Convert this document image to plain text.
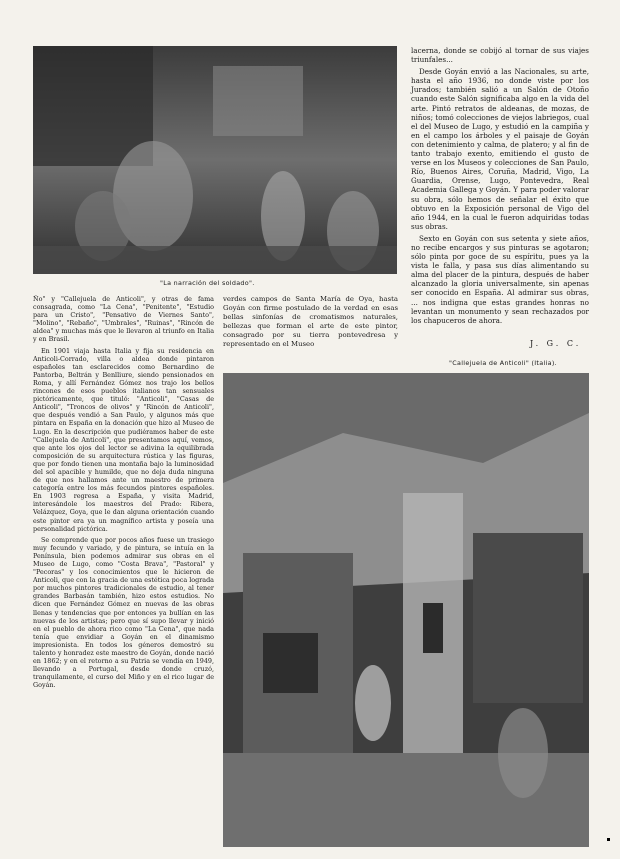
"La narración del soldado".

lacerna, donde se cobijó al tornar de sus viajes triunfales...

Desde Goyán envió a las Nacionales, su arte, hasta el año 1936, no donde viste por los Jurados; también salió a un Salón de Otoño cuando este Salón significaba algo en la vida del arte. Pintó retratos de aldeanas, de mozas, de niños; tomó colecciones de viejos labriegos, cual el del Museo de Lugo, y estudió en la campiña y en el campo los árboles y el paisaje de Goyán con detenimiento y calma, de platero; y al fin de tanto trabajo exento, emitiendo el gusto de verse en los Museos y colecciones de San Paulo, Río, Buenos Aires, Coruña, Madrid, Vigo, La Guardia, Orense, Lugo, Pontevedra, Real Academia Gallega y Goyán. Y para poder valorar su obra, sólo hemos de señalar el éxito que obtuvo en la Exposición personal de Vigo del año 1944, en la cual le fueron adquiridas todas sus obras.

Sexto en Goyán con sus setenta y siete años, no recibe encargos y sus pinturas se agotaron; sólo pinta por goce de su espíritu, pues ya la vista le falla, y pasa sus días alimentando su alma del placer de la pintura, después de haber alcanzado la gloria universalmente, sin apenas ser conocido en España. Al admirar sus obras, ... nos indigna que estas grandes honras no levantan un monumento y sean rechazados por los chapuceros de ahora.

J. G. C.

Ño" y "Callejuela de Anticoli", y otras de fama consagrada, como "La Cena", "Penitente", "Estudio para un Cristo", "Pensativo de Viernes Santo", "Molino", "Rebaño", "Umbrales", "Ruinas", "Rincón de aldea" y muchas más que le llevaron al triunfo en Italia y en Brasil.

En 1901 viaja hasta Italia y fija su residencia en Anticoli-Corrado, villa o aldea donde pintaron españoles tan esclarecidos como Bernardino de Pantorba, Beltrán y Benlliure, siendo pensionados en Roma, y allí Fernández Gómez nos trajo los bellos rincones de esos pueblos italianos tan sensuales pictóricamente, que tituló: "Anticoli", "Casas de Anticoli", "Troncos de olivos" y "Rincón de Anticoli", que después vendió a San Paulo, y algunos más que pintara en España en la donación que hizo al Museo de Lugo. En la descripción que pudiéramos haber de este "Callejuela de Anticoli", que presentamos aquí, vemos, que ante los ojos del lector se adivina la equilibrada composición de su arquitectura rústica y las figuras, que por fondo tienen una montaña bajo la luminosidad del sol apacible y humilde, que no deja duda ninguna de que nos hallamos ante un maestro de primera categoría entre los más fecundos pintores españoles. En 1903 regresa a España, y visita Madrid, interesándole los maestros del Prado: Ribera, Velázquez, Goya, que le dan alguna orientación cuando este pintor era ya un magnífico artista y poseía una personalidad pictórica.

Se comprende que por pocos años fuese un trasiego muy fecundo y variado, y de pintura, se intuía en la Península, bien podemos admirar sus obras en el Museo de Lugo, como "Costa Brava", "Pastoral" y "Pecoras" y los conocimientos que le hicieron de Anticoli, que con la gracia de una estética poca lograda por muchos pintores tradicionales de estudio, al tener grandes Barbasán también, hizo estos estudios. No dicen que Fernández Gómez en nuevas de las obras llenas y tendencias que por entonces ya bullían en las nuevas de los artistas; pero que sí supo llevar y inició en el pueblo de ahora rico como "La Cena", que nada tenía que envidiar a Goyán en el dinamismo impresionista. En todos los géneros demostró su talento y honradez este maestro de Goyán, donde nació en 1862; y en el retorno a su Patria se vendía en 1949, llevando a Portugal, desde donde cruzó, tranquilamente, el curso del Miño y en el rico lugar de Goyán.

verdes campos de Santa María de Oya, hasta Goyán con firme postulado de la verdad en esas bellas sinfonías de cromatismos naturales, bellezas que forman el arte de este pintor, consagrado por su tierra pontevedresa y representado en el Museo

"Callejuela de Anticoli" (Italia).
